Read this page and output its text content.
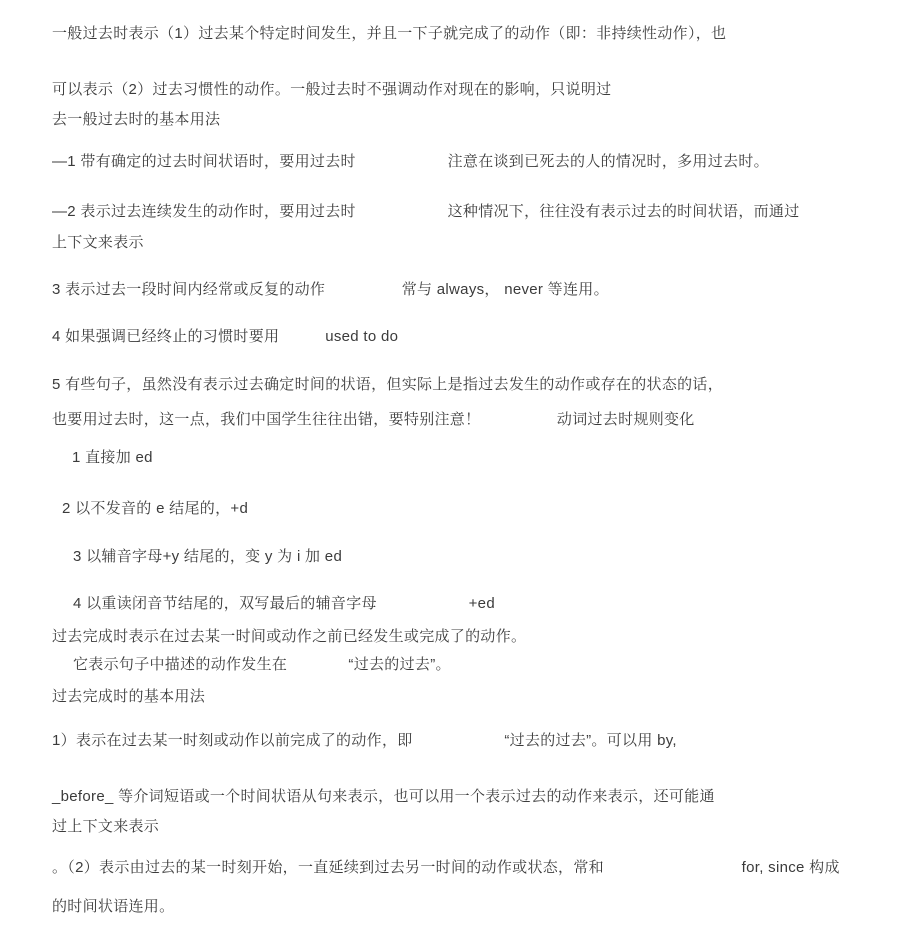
一般过去时表示（1）过去某个特定时间发生，并且一下子就完成了的动作（即：非持续性动作），也
可以表示（2）过去习惯性的动作。一般过去时不强调动作对现在的影响，只说明过
去一般过去时的基本用法
—1 带有确定的过去时间状语时，要用过去时　　　　　　注意在谈到已死去的人的情况时，多用过去时。
—2 表示过去连续发生的动作时，要用过去时　　　　　　这种情况下，往往没有表示过去的时间状语，而通过
上下文来表示
3 表示过去一段时间内经常或反复的动作　　　　　常与 always， never 等连用。
4 如果强调已经终止的习惯时要用　　　used to do
5 有些句子，虽然没有表示过去确定时间的状语，但实际上是指过去发生的动作或存在的状态的话，
也要用过去时，这一点，我们中国学生往往出错，要特别注意！　　　　　动词过去时规则变化
1 直接加 ed
2 以不发音的 e 结尾的，+d
3 以辅音字母+y 结尾的，变 y 为 i 加 ed
4 以重读闭音节结尾的，双写最后的辅音字母　　　　　　+ed
过去完成时表示在过去某一时间或动作之前已经发生或完成了的动作。
它表示句子中描述的动作发生在　　　　“过去的过去”。
过去完成时的基本用法
1）表示在过去某一时刻或动作以前完成了的动作，即　　　　　　“过去的过去”。可以用 by,
_before_ 等介词短语或一个时间状语从句来表示，也可以用一个表示过去的动作来表示，还可能通
过上下文来表示
。（2）表示由过去的某一时刻开始，一直延续到过去另一时间的动作或状态，常和　　　　　　　　　for, since 构成
的时间状语连用。
